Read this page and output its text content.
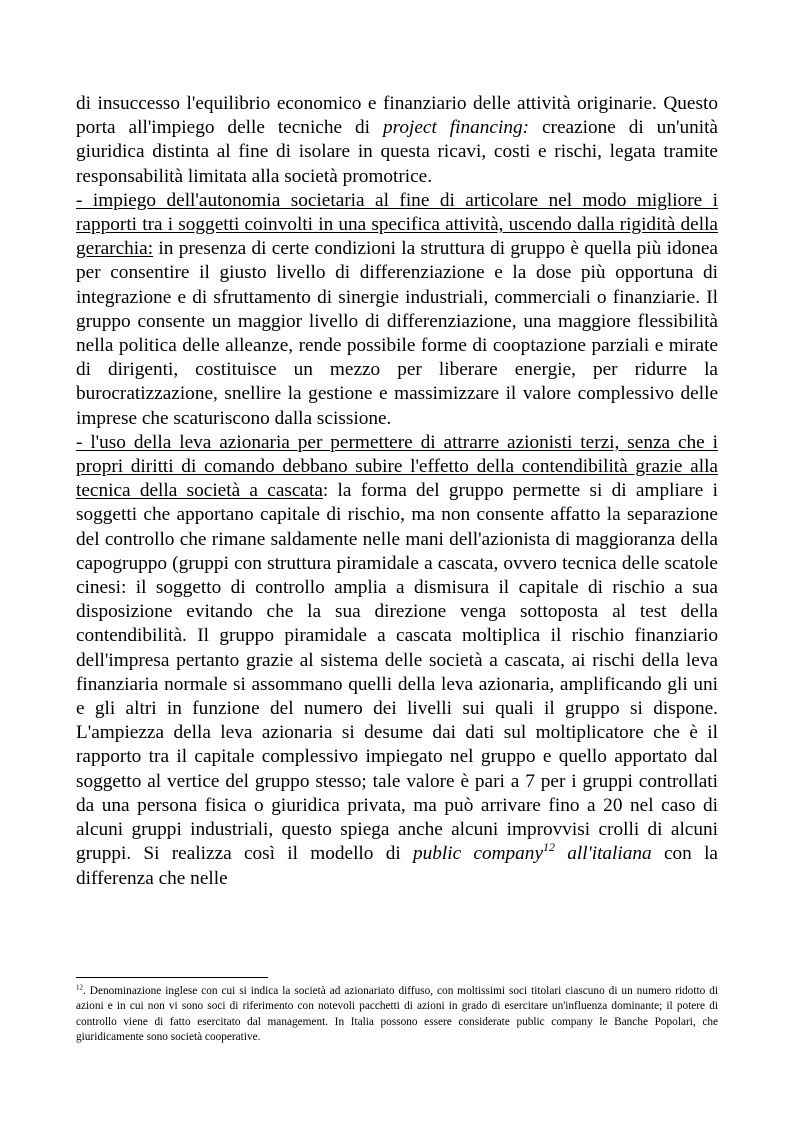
di insuccesso l'equilibrio economico e finanziario delle attività originarie. Questo porta all'impiego delle tecniche di project financing: creazione di un'unità giuridica distinta al fine di isolare in questa ricavi, costi e rischi, legata tramite responsabilità limitata alla società promotrice.

- impiego dell'autonomia societaria al fine di articolare nel modo migliore i rapporti tra i soggetti coinvolti in una specifica attività, uscendo dalla rigidità della gerarchia: in presenza di certe condizioni la struttura di gruppo è quella più idonea per consentire il giusto livello di differenziazione e la dose più opportuna di integrazione e di sfruttamento di sinergie industriali, commerciali o finanziarie. Il gruppo consente un maggior livello di differenziazione, una maggiore flessibilità nella politica delle alleanze, rende possibile forme di cooptazione parziali e mirate di dirigenti, costituisce un mezzo per liberare energie, per ridurre la burocratizzazione, snellire la gestione e massimizzare il valore complessivo delle imprese che scaturiscono dalla scissione.

- l'uso della leva azionaria per permettere di attrarre azionisti terzi, senza che i propri diritti di comando debbano subire l'effetto della contendibilità grazie alla tecnica della società a cascata: la forma del gruppo permette si di ampliare i soggetti che apportano capitale di rischio, ma non consente affatto la separazione del controllo che rimane saldamente nelle mani dell'azionista di maggioranza della capogruppo (gruppi con struttura piramidale a cascata, ovvero tecnica delle scatole cinesi: il soggetto di controllo amplia a dismisura il capitale di rischio a sua disposizione evitando che la sua direzione venga sottoposta al test della contendibilità. Il gruppo piramidale a cascata moltiplica il rischio finanziario dell'impresa pertanto grazie al sistema delle società a cascata, ai rischi della leva finanziaria normale si assommano quelli della leva azionaria, amplificando gli uni e gli altri in funzione del numero dei livelli sui quali il gruppo si dispone. L'ampiezza della leva azionaria si desume dai dati sul moltiplicatore che è il rapporto tra il capitale complessivo impiegato nel gruppo e quello apportato dal soggetto al vertice del gruppo stesso; tale valore è pari a 7 per i gruppi controllati da una persona fisica o giuridica privata, ma può arrivare fino a 20 nel caso di alcuni gruppi industriali, questo spiega anche alcuni improvvisi crolli di alcuni gruppi. Si realizza così il modello di public company$^{12}$ all'italiana con la differenza che nelle

$^{12}$. Denominazione inglese con cui si indica la società ad azionariato diffuso, con moltissimi soci titolari ciascuno di un numero ridotto di azioni e in cui non vi sono soci di riferimento con notevoli pacchetti di azioni in grado di esercitare un'influenza dominante; il potere di controllo viene di fatto esercitato dal management. In Italia possono essere considerate public company le Banche Popolari, che giuridicamente sono società cooperative.
